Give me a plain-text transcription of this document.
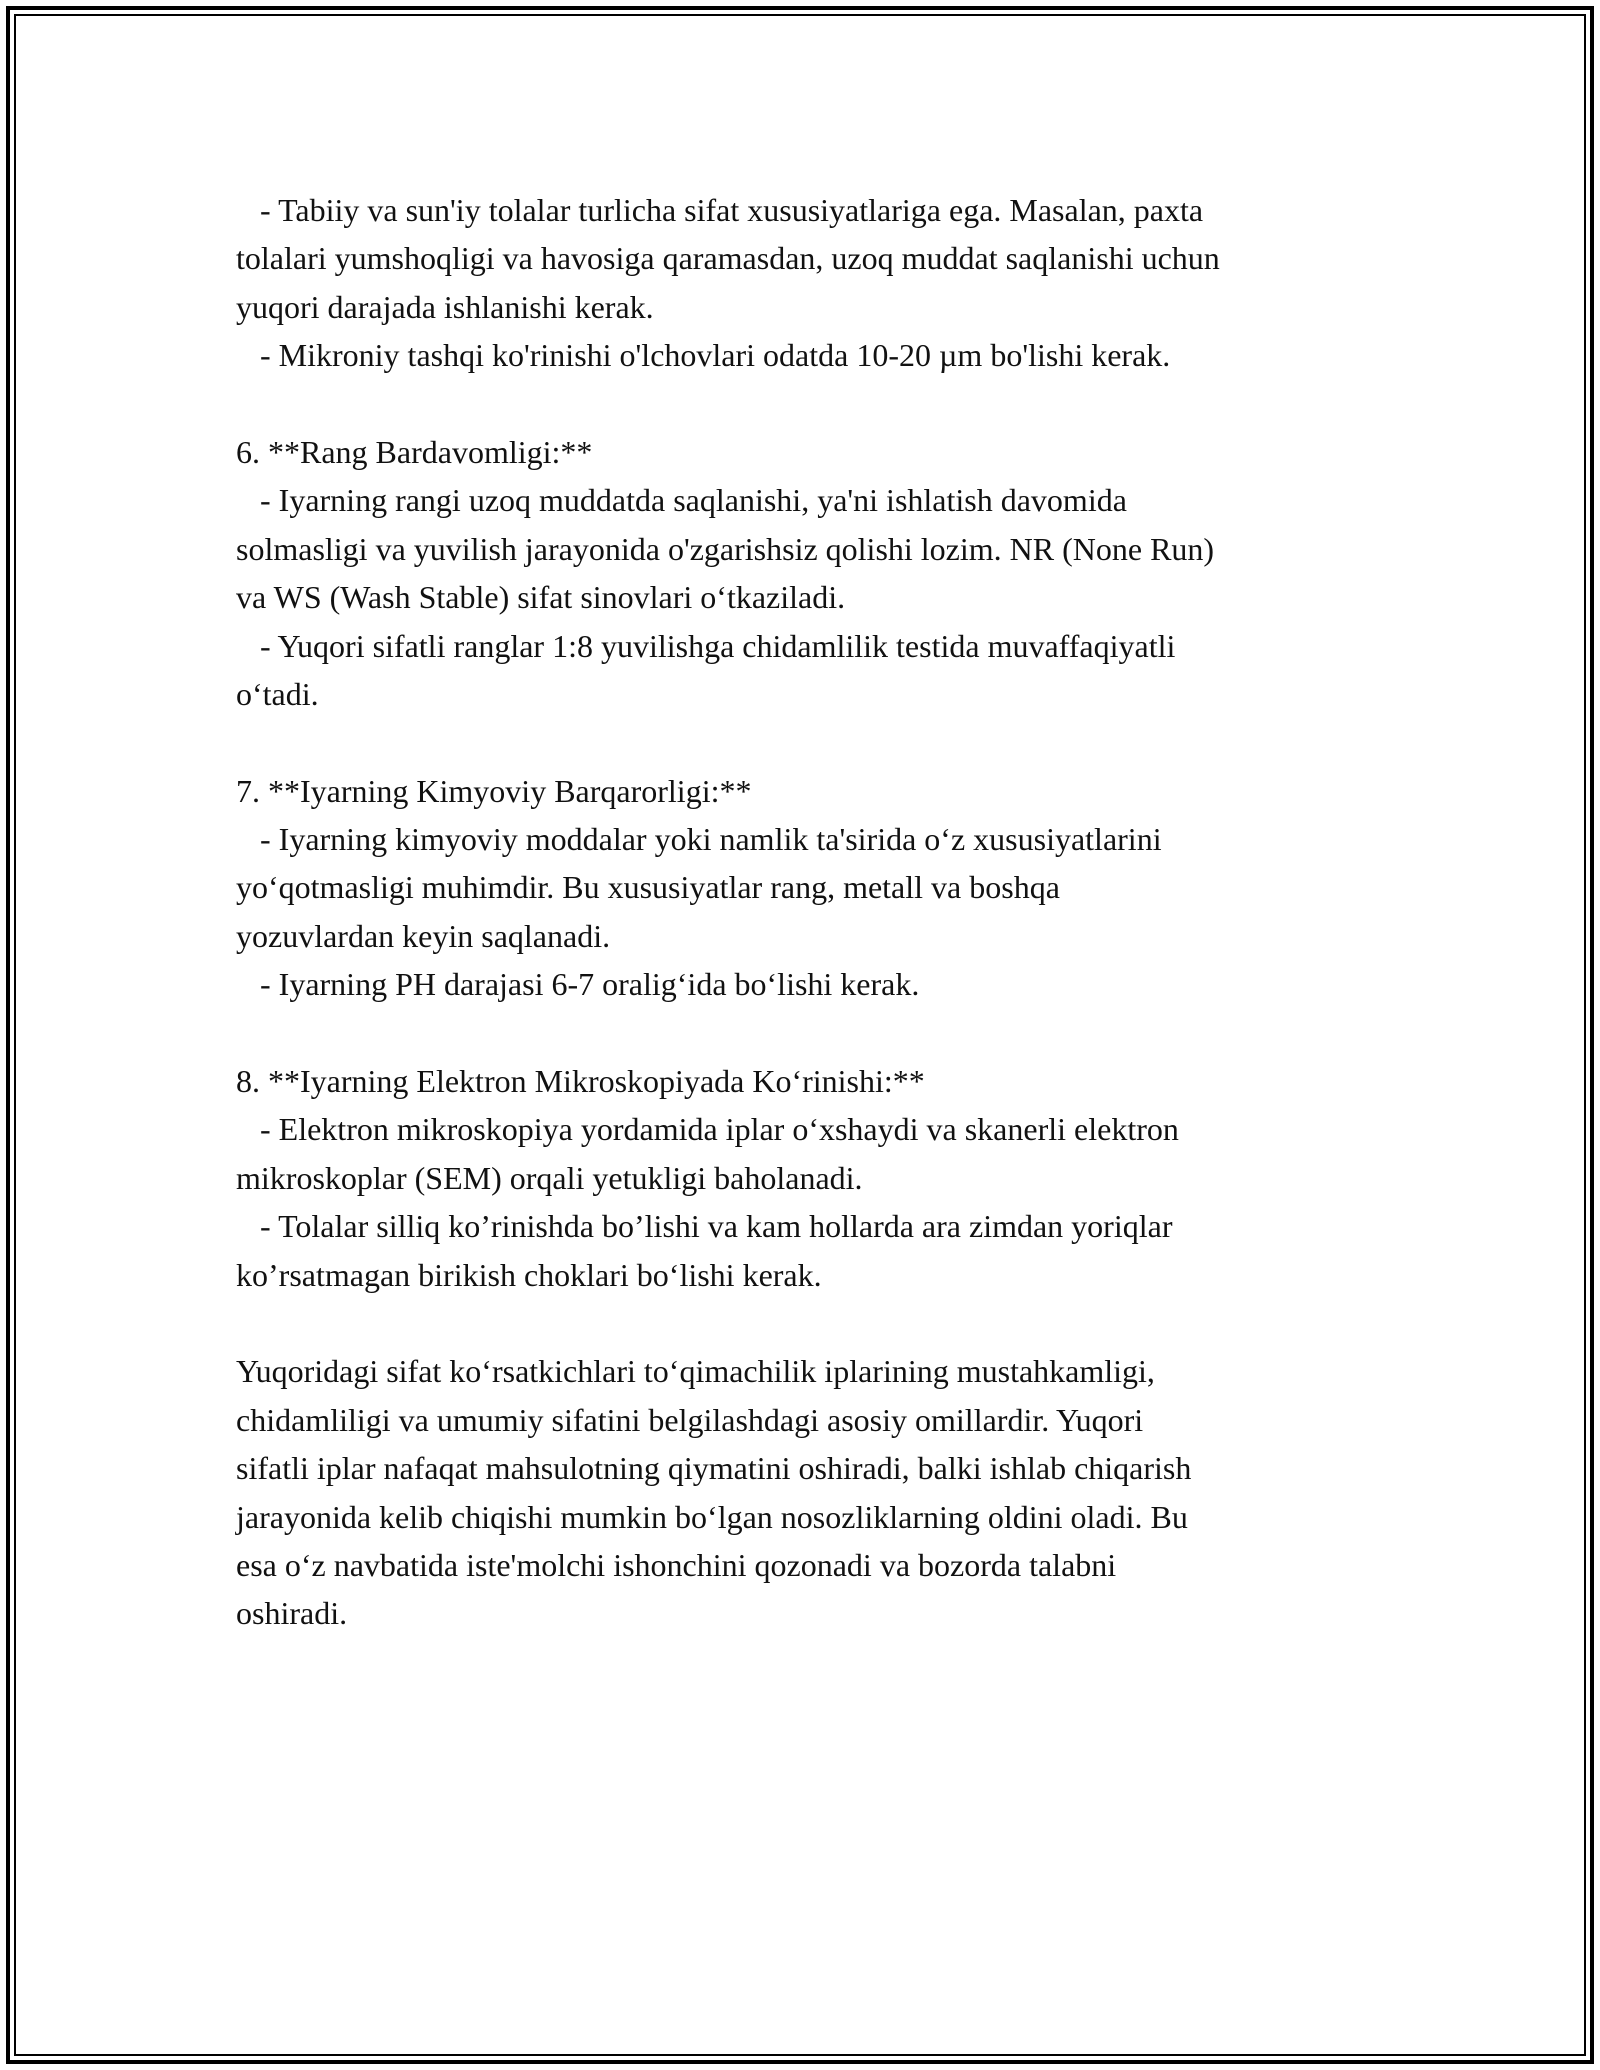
- Tabiiy va sun'iy tolalar turlicha sifat xususiyatlariga ega. Masalan, paxta
tolalari yumshoqligi va havosiga qaramasdan, uzoq muddat saqlanishi uchun
yuqori darajada ishlanishi kerak.
- Mikroniy tashqi ko'rinishi o'lchovlari odatda 10-20 µm bo'lishi kerak.
6. **Rang Bardavomligi:**
- Iyarning rangi uzoq muddatda saqlanishi, ya'ni ishlatish davomida
solmasligi va yuvilish jarayonida o'zgarishsiz qolishi lozim. NR (None Run)
va WS (Wash Stable) sifat sinovlari o‘tkaziladi.
- Yuqori sifatli ranglar 1:8 yuvilishga chidamlilik testida muvaffaqiyatli
o‘tadi.
7. **Iyarning Kimyoviy Barqarorligi:**
- Iyarning kimyoviy moddalar yoki namlik ta'sirida o‘z xususiyatlarini
yo‘qotmasligi muhimdir. Bu xususiyatlar rang, metall va boshqa
yozuvlardan keyin saqlanadi.
- Iyarning PH darajasi 6-7 oralig‘ida bo‘lishi kerak.
8. **Iyarning Elektron Mikroskopiyada Ko‘rinishi:**
- Elektron mikroskopiya yordamida iplar o‘xshaydi va skanerli elektron
mikroskoplar (SEM) orqali yetukligi baholanadi.
- Tolalar silliq ko’rinishda bo’lishi va kam hollarda ara zimdan yoriqlar
ko’rsatmagan birikish choklari bo‘lishi kerak.
Yuqoridagi sifat ko‘rsatkichlari to‘qimachilik iplarining mustahkamligi,
chidamliligi va umumiy sifatini belgilashdagi asosiy omillardir. Yuqori
sifatli iplar nafaqat mahsulotning qiymatini oshiradi, balki ishlab chiqarish
jarayonida kelib chiqishi mumkin bo‘lgan nosozliklarning oldini oladi. Bu
esa o‘z navbatida iste'molchi ishonchini qozonadi va bozorda talabni
oshiradi.
